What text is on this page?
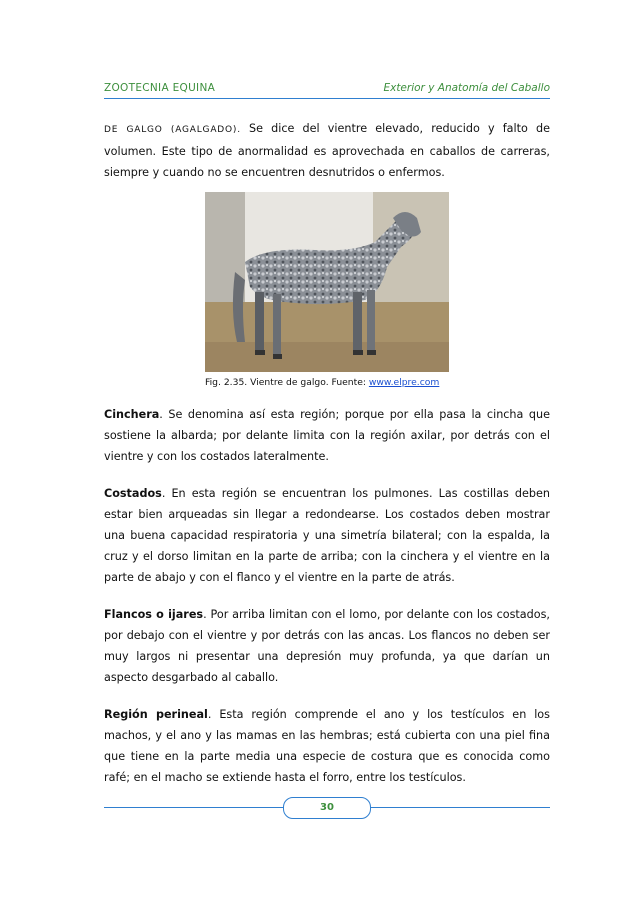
ZOOTECNIA EQUINA	Exterior y Anatomía del Caballo

DE GALGO (AGALGADO). Se dice del vientre elevado, reducido y falto de volumen. Este tipo de anormalidad es aprovechada en caballos de carreras, siempre y cuando no se encuentren desnutridos o enfermos.

Fig. 2.35. Vientre de galgo. Fuente: www.elpre.com

Cinchera. Se denomina así esta región; porque por ella pasa la cincha que sostiene la albarda; por delante limita con la región axilar, por detrás con el vientre y con los costados lateralmente.

Costados. En esta región se encuentran los pulmones. Las costillas deben estar bien arqueadas sin llegar a redondearse. Los costados deben mostrar una buena capacidad respiratoria y una simetría bilateral; con la espalda, la cruz y el dorso limitan en la parte de arriba; con la cinchera y el vientre en la parte de abajo y con el flanco y el vientre en la parte de atrás.

Flancos o ijares. Por arriba limitan con el lomo, por delante con los costados, por debajo con el vientre y por detrás con las ancas. Los flancos no deben ser muy largos ni presentar una depresión muy profunda, ya que darían un aspecto desgarbado al caballo.

Región perineal. Esta región comprende el ano y los testículos en los machos, y el ano y las mamas en las hembras; está cubierta con una piel fina que tiene en la parte media una especie de costura que es conocida como rafé; en el macho se extiende hasta el forro, entre los testículos.

30
